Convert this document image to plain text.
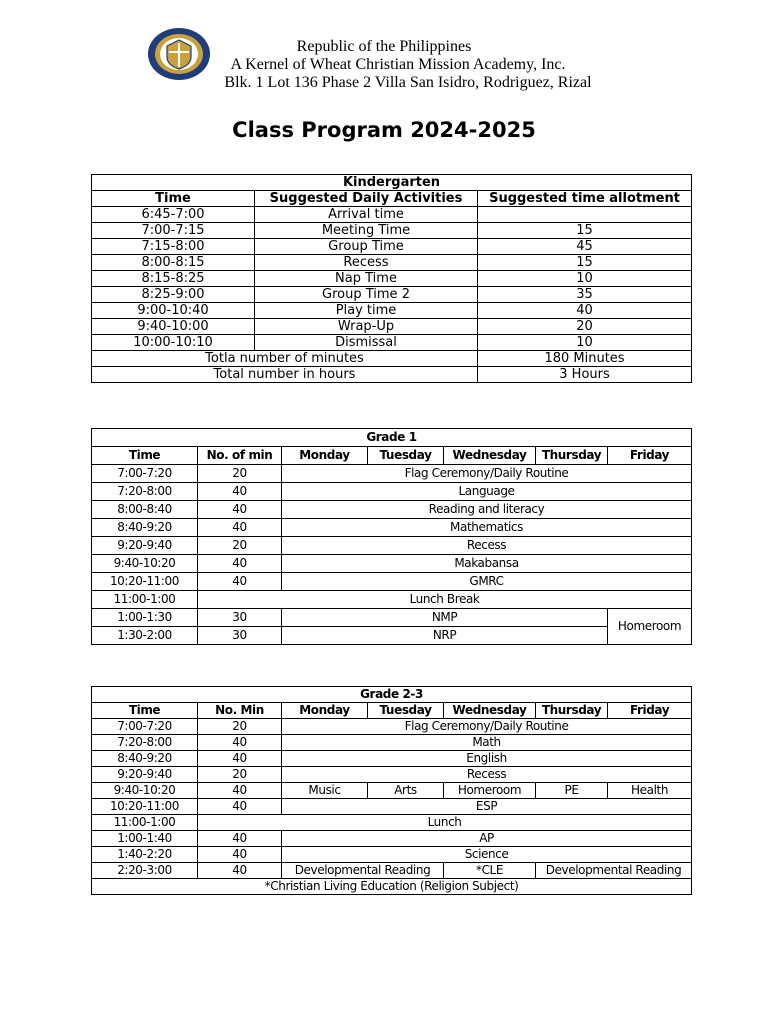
Republic of the Philippines
A Kernel of Wheat Christian Mission Academy, Inc.
Blk. 1 Lot 136 Phase 2 Villa San Isidro, Rodriguez, Rizal
Class Program 2024-2025
Kindergarten		
Time	Suggested Daily Activities	Suggested time allotment
6:45-7:00	Arrival time	
7:00-7:15	Meeting Time	15
7:15-8:00	Group Time	45
8:00-8:15	Recess	15
8:15-8:25	Nap Time	10
8:25-9:00	Group Time 2	35
9:00-10:40	Play time	40
9:40-10:00	Wrap-Up	20
10:00-10:10	Dismissal	10
Totla number of minutes		180 Minutes
Total number in hours		3 Hours
Grade 1						
Time	No. of min	Monday	Tuesday	Wednesday	Thursday	Friday
7:00-7:20	20	Flag Ceremony/Daily Routine				
7:20-8:00	40	Language				
8:00-8:40	40	Reading and literacy				
8:40-9:20	40	Mathematics				
9:20-9:40	20	Recess				
9:40-10:20	40	Makabansa				
10:20-11:00	40	GMRC				
11:00-1:00	Lunch Break					
1:00-1:30	30	NMP				Homeroom
1:30-2:00	30	NRP				
Grade 2-3						
Time	No. Min	Monday	Tuesday	Wednesday	Thursday	Friday
7:00-7:20	20	Flag Ceremony/Daily Routine				
7:20-8:00	40	Math				
8:40-9:20	40	English				
9:20-9:40	20	Recess				
9:40-10:20	40	Music	Arts	Homeroom	PE	Health
10:20-11:00	40	ESP				
11:00-1:00	Lunch					
1:00-1:40	40	AP				
1:40-2:20	40	Science				
2:20-3:00	40	Developmental Reading		*CLE	Developmental Reading	
*Christian Living Education (Religion Subject)						
